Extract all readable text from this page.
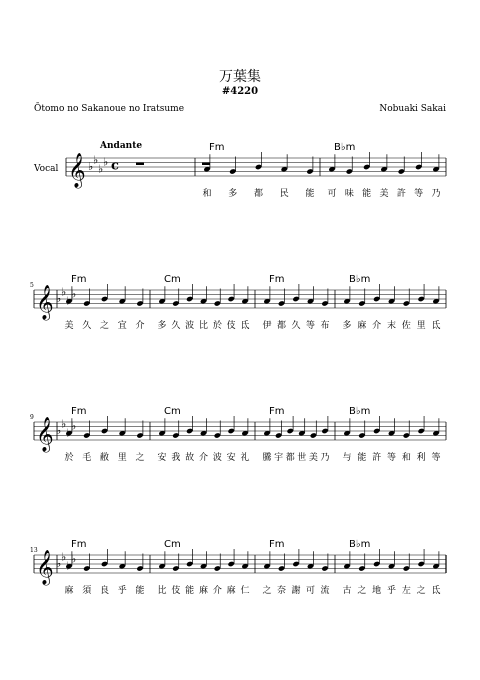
万葉集
#4220
Ōtomo no Sakanoue no Iratsume	Nobuaki Sakai
𝄞 ♭
♭
♭
♭ c
Vocal
Andante	Fm
和 多 都 民 能
B♭m
可 味 能 美 許 等 乃
𝄞 ♭
♭ ♭
5
Fm
美 久 之 宜 介
Cm
多 久 波 比 於 伎 氐
Fm
伊 都 久 等 布
B♭m
多 麻 介 末 佐 里 氐
𝄞 ♭
♭ ♭
9
Fm
於 毛 敝 里 之
Cm
安 我 故 介 波 安 礼
Fm
騰 宇 都 世 美 乃
B♭m
与 能 許 等 和 利 等
𝄞 ♭
♭ ♭
13
Fm
麻 須 良 乎 能
Cm
比 伎 能 麻 介 麻 仁
Fm
之 奈 謝 可 流
B♭m
古 之 地 乎 左 之 氐
